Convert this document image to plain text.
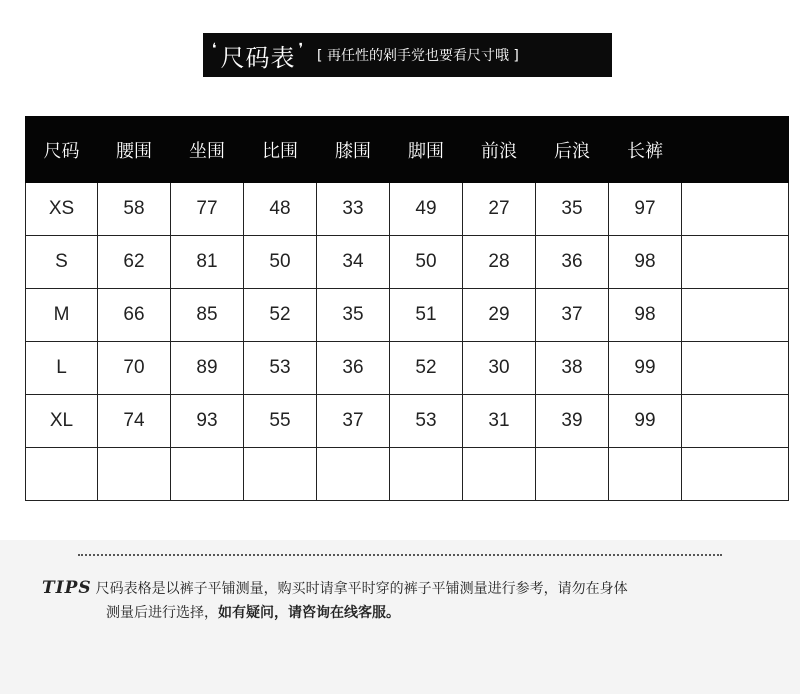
❛ 尺码表 ❜ [ 再任性的剁手党也要看尺寸哦 ]
尺码	腰围	坐围	比围	膝围	脚围	前浪	后浪	长裤	
XS	58	77	48	33	49	27	35	97	
S	62	81	50	34	50	28	36	98	
M	66	85	52	35	51	29	37	98	
L	70	89	53	36	52	30	38	99	
XL	74	93	55	37	53	31	39	99	

TIPS 尺码表格是以裤子平铺测量，购买时请拿平时穿的裤子平铺测量进行参考，请勿在身体
测量后进行选择，如有疑问，请咨询在线客服。
